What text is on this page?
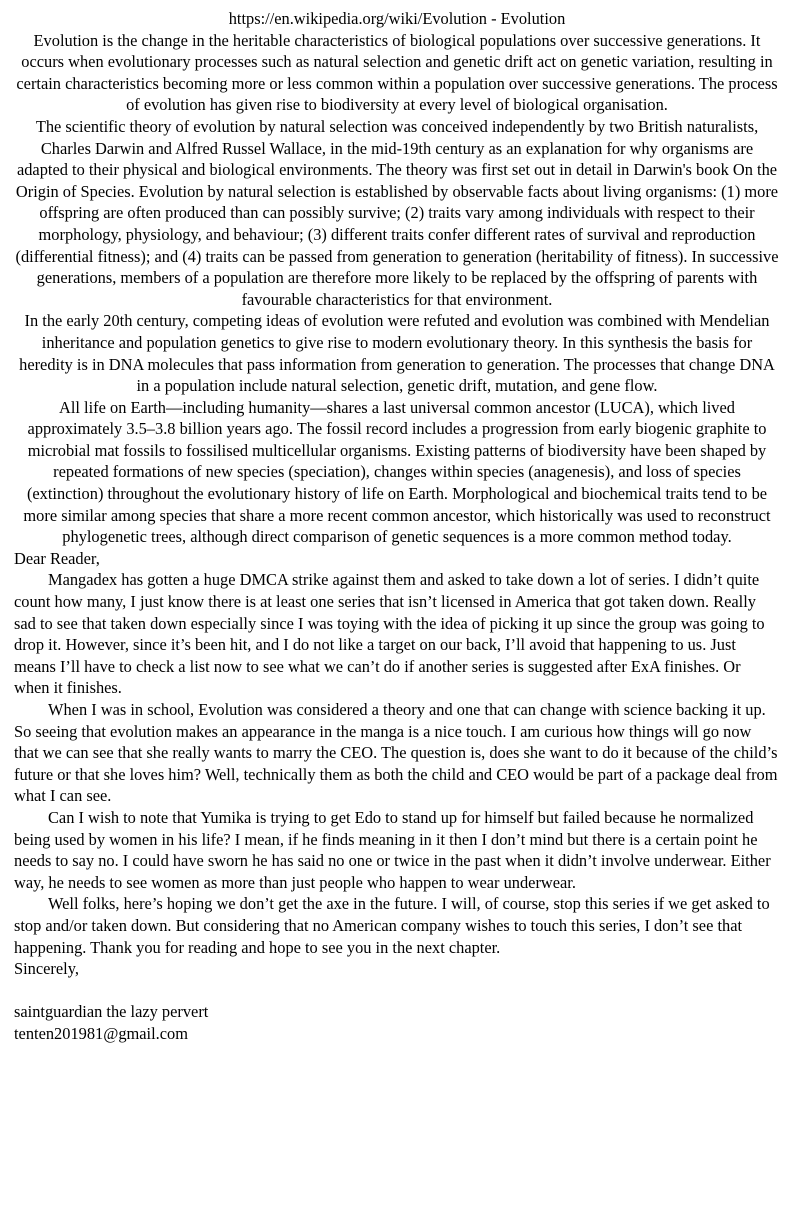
https://en.wikipedia.org/wiki/Evolution - Evolution

Evolution is the change in the heritable characteristics of biological populations over successive generations. It occurs when evolutionary processes such as natural selection and genetic drift act on genetic variation, resulting in certain characteristics becoming more or less common within a population over successive generations. The process of evolution has given rise to biodiversity at every level of biological organisation.

The scientific theory of evolution by natural selection was conceived independently by two British naturalists, Charles Darwin and Alfred Russel Wallace, in the mid-19th century as an explanation for why organisms are adapted to their physical and biological environments. The theory was first set out in detail in Darwin's book On the Origin of Species. Evolution by natural selection is established by observable facts about living organisms: (1) more offspring are often produced than can possibly survive; (2) traits vary among individuals with respect to their morphology, physiology, and behaviour; (3) different traits confer different rates of survival and reproduction (differential fitness); and (4) traits can be passed from generation to generation (heritability of fitness). In successive generations, members of a population are therefore more likely to be replaced by the offspring of parents with favourable characteristics for that environment.

In the early 20th century, competing ideas of evolution were refuted and evolution was combined with Mendelian inheritance and population genetics to give rise to modern evolutionary theory. In this synthesis the basis for heredity is in DNA molecules that pass information from generation to generation. The processes that change DNA in a population include natural selection, genetic drift, mutation, and gene flow.

All life on Earth—including humanity—shares a last universal common ancestor (LUCA), which lived approximately 3.5–3.8 billion years ago. The fossil record includes a progression from early biogenic graphite to microbial mat fossils to fossilised multicellular organisms. Existing patterns of biodiversity have been shaped by repeated formations of new species (speciation), changes within species (anagenesis), and loss of species (extinction) throughout the evolutionary history of life on Earth. Morphological and biochemical traits tend to be more similar among species that share a more recent common ancestor, which historically was used to reconstruct phylogenetic trees, although direct comparison of genetic sequences is a more common method today.

Dear Reader,

Mangadex has gotten a huge DMCA strike against them and asked to take down a lot of series. I didn’t quite count how many, I just know there is at least one series that isn’t licensed in America that got taken down. Really sad to see that taken down especially since I was toying with the idea of picking it up since the group was going to drop it. However, since it’s been hit, and I do not like a target on our back, I’ll avoid that happening to us. Just means I’ll have to check a list now to see what we can’t do if another series is suggested after ExA finishes. Or when it finishes.

When I was in school, Evolution was considered a theory and one that can change with science backing it up. So seeing that evolution makes an appearance in the manga is a nice touch. I am curious how things will go now that we can see that she really wants to marry the CEO. The question is, does she want to do it because of the child’s future or that she loves him? Well, technically them as both the child and CEO would be part of a package deal from what I can see.

Can I wish to note that Yumika is trying to get Edo to stand up for himself but failed because he normalized being used by women in his life? I mean, if he finds meaning in it then I don’t mind but there is a certain point he needs to say no. I could have sworn he has said no one or twice in the past when it didn’t involve underwear. Either way, he needs to see women as more than just people who happen to wear underwear.

Well folks, here’s hoping we don’t get the axe in the future. I will, of course, stop this series if we get asked to stop and/or taken down. But considering that no American company wishes to touch this series, I don’t see that happening. Thank you for reading and hope to see you in the next chapter.

Sincerely,

saintguardian the lazy pervert

tenten201981@gmail.com
